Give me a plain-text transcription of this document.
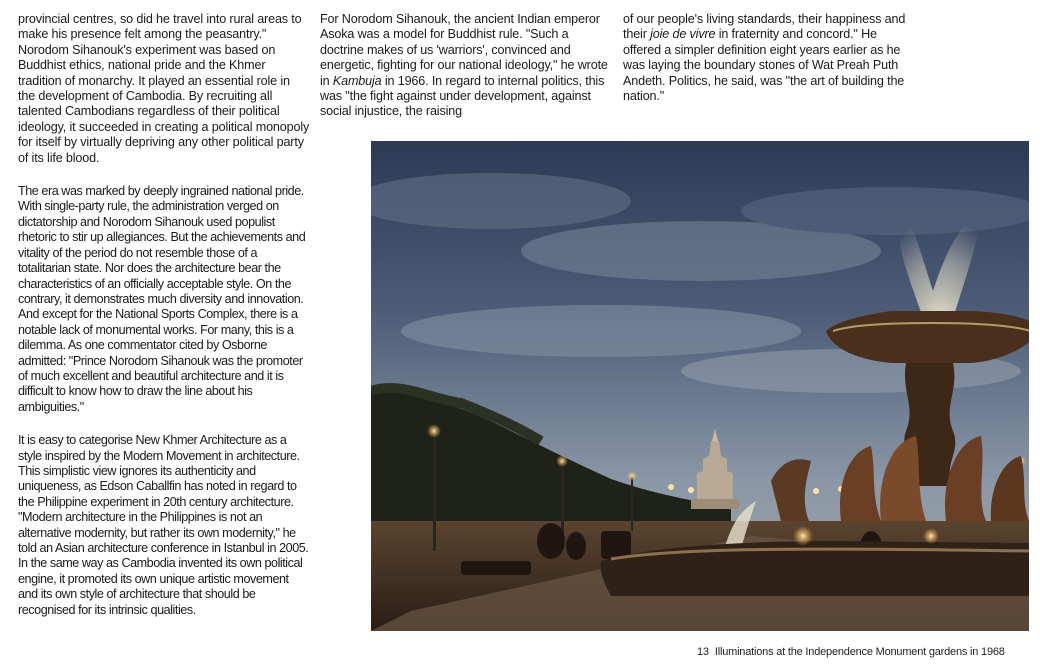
provincial centres, so did he travel into rural areas to make his presence felt among the peasantry." Norodom Sihanouk's experiment was based on Buddhist ethics, national pride and the Khmer tradition of monarchy. It played an essential role in the development of Cambodia. By recruiting all talented Cambodians regardless of their political ideology, it succeeded in creating a political monopoly for itself by virtually depriving any other political party of its life blood.

The era was marked by deeply ingrained national pride. With single-party rule, the administration verged on dictatorship and Norodom Sihanouk used populist rhetoric to stir up allegiances. But the achievements and vitality of the period do not resemble those of a totalitarian state. Nor does the architecture bear the characteristics of an officially acceptable style. On the contrary, it demonstrates much diversity and innovation. And except for the National Sports Complex, there is a notable lack of monumental works. For many, this is a dilemma. As one commentator cited by Osborne admitted: "Prince Norodom Sihanouk was the promoter of much excellent and beautiful architecture and it is difficult to know how to draw the line about his ambiguities."

It is easy to categorise New Khmer Architecture as a style inspired by the Modern Movement in architecture. This simplistic view ignores its authenticity and uniqueness, as Edson Caballfin has noted in regard to the Philippine experiment in 20th century architecture. "Modern architecture in the Philippines is not an alternative modernity, but rather its own modernity," he told an Asian architecture conference in Istanbul in 2005. In the same way as Cambodia invented its own political engine, it promoted its own unique artistic movement and its own style of architecture that should be recognised for its intrinsic qualities.

For Norodom Sihanouk, the ancient Indian emperor Asoka was a model for Buddhist rule. "Such a doctrine makes of us 'warriors', convinced and energetic, fighting for our national ideology," he wrote in Kambuja in 1966. In regard to internal politics, this was "the fight against under development, against social injustice, the raising

of our people's living standards, their happiness and their joie de vivre in fraternity and concord." He offered a simpler definition eight years earlier as he was laying the boundary stones of Wat Preah Puth Andeth. Politics, he said, was "the art of building the nation."

13 Illuminations at the Independence Monument gardens in 1968
